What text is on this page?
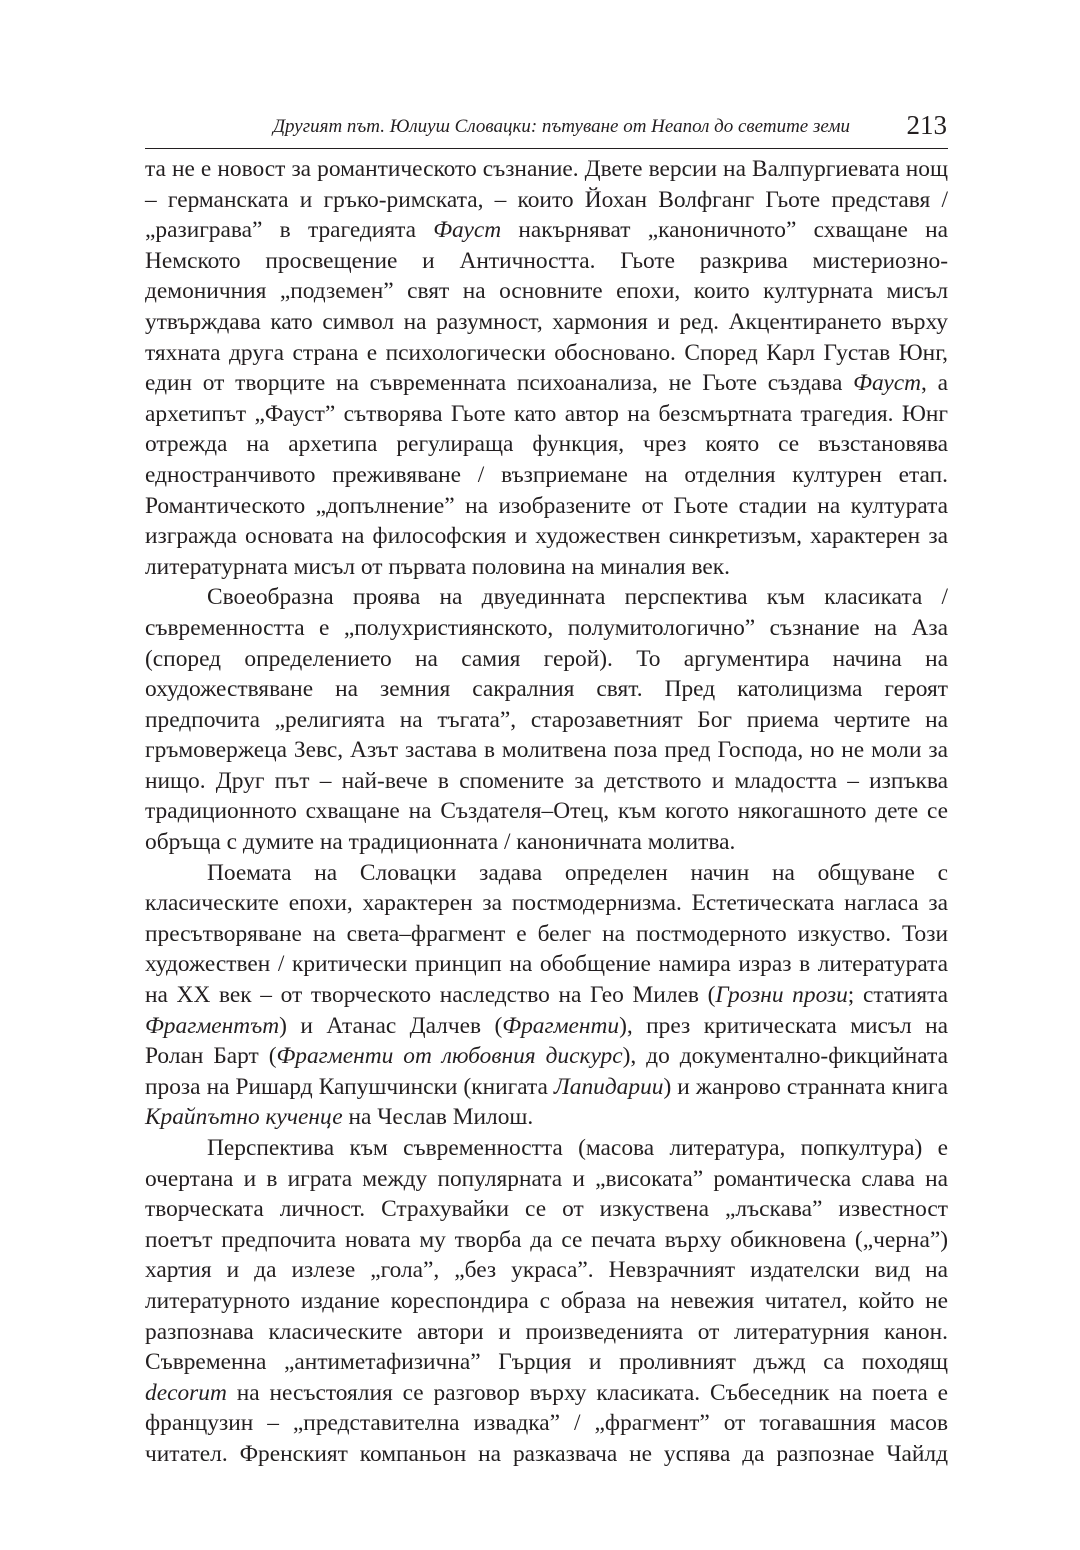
Другият път. Юлиуш Словацки: пътуване от Неапол до светите земи 213

та не е новост за романтическото съзнание. Двете версии на Валпургиевата нощ – германската и гръко-римската, – които Йохан Волфганг Гьоте представя / „разиграва” в трагедията Фауст накърняват „каноничното” схващане на Немското просвещение и Античността. Гьоте разкрива мистериозно-демоничния „подземен” свят на основните епохи, които културната мисъл утвърждава като символ на разумност, хармония и ред. Акцентирането върху тяхната друга страна е психологически обосновано. Според Карл Густав Юнг, един от творците на съвременната психоанализа, не Гьоте създава Фауст, а архетипът „Фауст” сътворява Гьоте като автор на безсмъртната трагедия. Юнг отрежда на архетипа регулираща функция, чрез която се възстановява едностранчивото преживяване / възприемане на отделния културен етап. Романтическото „допълнение” на изобразените от Гьоте стадии на културата изгражда основата на философския и художествен синкретизъм, характерен за литературната мисъл от първата половина на миналия век.

Своеобразна проява на двуединната перспектива към класиката / съвременността е „полухристиянското, полумитологично” съзнание на Аза (според определението на самия герой). То аргументира начина на охудожествяване на земния сакралния свят. Пред католицизма героят предпочита „религията на тъгата”, старозаветният Бог приема чертите на гръмовержеца Зевс, Азът застава в молитвена поза пред Господа, но не моли за нищо. Друг път – най-вече в спомените за детството и младостта – изпъква традиционното схващане на Създателя–Отец, към когото някогашното дете се обръща с думите на традиционната / каноничната молитва.

Поемата на Словацки задава определен начин на общуване с класическите епохи, характерен за постмодернизма. Естетическата нагласа за пресътворяване на света–фрагмент е белег на постмодерното изкуство. Този художествен / критически принцип на обобщение намира израз в литературата на XX век – от творческото наследство на Гео Милев (Грозни прози; статията Фрагментът) и Атанас Далчев (Фрагменти), през критическата мисъл на Ролан Барт (Фрагменти от любовния дискурс), до документално-фикцийната проза на Ришард Капушчински (книгата Лапидарии) и жанрово странната книга Крайпътно кученце на Чеслав Милош.

Перспектива към съвременността (масова литература, попкултура) е очертана и в играта между популярната и „високата” романтическа слава на творческата личност. Страхувайки се от изкуствена „лъскава” известност поетът предпочита новата му творба да се печата върху обикновена („черна”) хартия и да излезе „гола”, „без украса”. Невзрачният издателски вид на литературното издание кореспондира с образа на невежия читател, който не разпознава класическите автори и произведенията от литературния канон. Съвременна „антиметафизична” Гърция и проливният дъжд са походящ decorum на несъстоялия се разговор върху класиката. Събеседник на поета е французин – „представителна извадка” / „фрагмент” от тогавашния масов читател. Френският компаньон на разказвача не успява да разпознае Чайлд
